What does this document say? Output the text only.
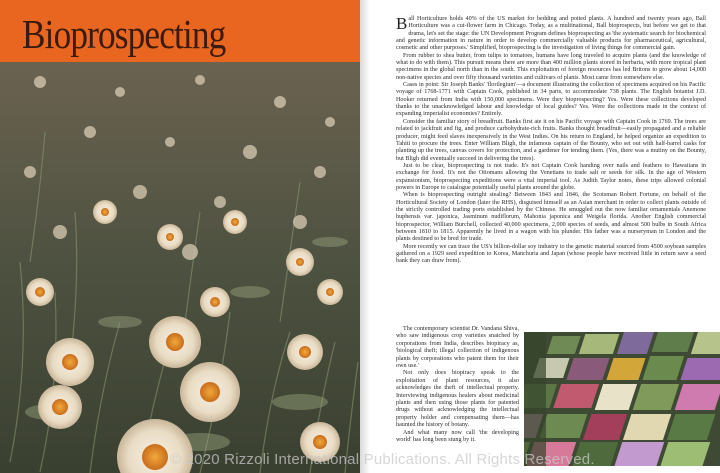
Bioprospecting	Ball Horticulture holds 40% of the US market for bedding and potted plants. A hundred and twenty years ago, Ball Horticulture was a cut-flower farm in Chicago. Today, as a multinational, Ball bioprospects, but before we get to that drama, let's set the stage: the UN Development Program defines bioprospecting as 'the systematic search for biochemical and genetic information in nature in order to develop commercially valuable products for pharmaceutical, agricultural, cosmetic and other purposes.' Simplified, bioprospecting is the investigation of living things for commercial gain.

From rubber to shea butter, from tulips to tomatoes, humans have long traveled to acquire plants (and the knowledge of what to do with them). This pursuit means there are more than 400 million plants stored in herbaria, with more tropical plant specimens in the global north than in the south. This exploitation of foreign resources has led Britons to grow about 14,000 non-native species and over fifty thousand varieties and cultivars of plants. Most came from somewhere else.

Cases in point: Sir Joseph Banks' 'florilegium'—a document illustrating the collection of specimens acquired on his Pacific voyage of 1768-1771 with Captain Cook, published in 34 parts, to accommodate 738 plants. The English botanist J.D. Hooker returned from India with 150,000 specimens. Were they bioprospecting? Yes. Were these collections developed thanks to the unacknowledged labour and knowledge of local guides? Yes. Were the collections made in the context of expanding imperialist economies? Entirely.

Consider the familiar story of breadfruit. Banks first ate it on his Pacific voyage with Captain Cook in 1769. The trees are related to jackfruit and fig, and produce carbohydrate-rich fruits. Banks thought breadfruit—easily propagated and a reliable producer, might feed slaves inexpensively in the West Indies. On his return to England, he helped organize an expedition to Tahiti to procure the trees. Enter William Bligh, the infamous captain of the Bounty, who set out with half-barrel casks for planting up the trees, canvas covers for protection, and a gardener for tending them. (Yes, there was a mutiny on the Bounty, but Bligh did eventually succeed in delivering the trees).

Just to be clear, bioprospecting is not trade. It's not Captain Cook handing over nails and feathers to Hawaiians in exchange for food. It's not the Ottomans allowing the Venetians to trade salt or seeds for silk. In the age of Western expansionism, bioprospecting expeditions were a vital imperial tool. As Judith Taylor notes, these trips allowed colonial powers in Europe to catalogue potentially useful plants around the globe.

When is bioprospecting outright stealing? Between 1843 and 1846, the Scotsman Robert Fortune, on behalf of the Horticultural Society of London (later the RHS), disguised himself as an Asian merchant in order to collect plants outside of the strictly controlled trading ports established by the Chinese. He smuggled out the now familiar ornamentals Anemone huphensis var. japonica, Jasminum nudiflorum, Mahonia japonica and Weigela florida. Another English commercial bioprospector, William Burchell, collected 40,000 specimens, 2,000 species of seeds, and almost 500 bulbs in South Africa between 1810 to 1815. Apparently he lived in a wagon with his plunder. His father was a nurseryman in London and the plants destined to be bred for trade.

More recently we can trace the US's billion-dollar soy industry to the genetic material sourced from 4500 soybean samples gathered on a 1929 seed expedition to Korea, Manchuria and Japan (whose people have received little in return save a seed bank they can draw from).

The contemporary scientist Dr. Vandana Shiva, who saw indigenous crop varieties snatched by corporations from India, describes biopiracy as, 'biological theft; illegal collection of indigenous plants by corporations who patent them for their own use.'

Not only does biopiracy speak to the exploitation of plant resources, it also acknowledges the theft of intellectual property. Interviewing indigenous healers about medicinal plants and then using those plants for patented drugs without acknowledging the intellectual property holder and compensating them—has haunted the history of botany.

And what many now call 'the developing world' has long been stung by it.

25
© 2020 Rizzoli International Publications. All Rights Reserved.
